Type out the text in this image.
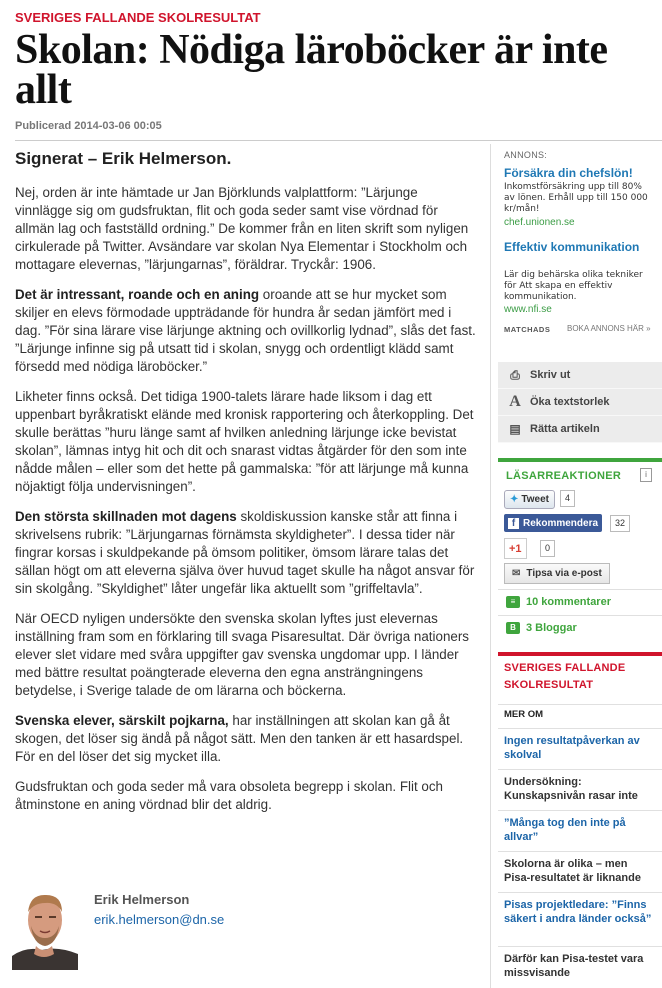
SVERIGES FALLANDE SKOLRESULTAT
Skolan: Nödiga läroböcker är inte allt
Publicerad 2014-03-06 00:05
Signerat – Erik Helmerson.

Nej, orden är inte hämtade ur Jan Björklunds valplattform: ”Lärjunge vinnlägge sig om gudsfruktan, flit och goda seder samt vise vördnad för allmän lag och fastställd ordning.” De kommer från en liten skrift som nyligen cirkulerade på Twitter. Avsändare var skolan Nya Elementar i Stockholm och mottagare elevernas, ”lärjungarnas”, föräldrar. Tryckår: 1906.

Det är intressant, roande och en aning oroande att se hur mycket som skiljer en elevs förmodade uppträdande för hundra år sedan jämfört med i dag. ”För sina lärare vise lärjunge aktning och ovillkorlig lydnad”, slås det fast. ”Lärjunge infinne sig på utsatt tid i skolan, snygg och ordentligt klädd samt försedd med nödiga läroböcker.”

Likheter finns också. Det tidiga 1900-talets lärare hade liksom i dag ett uppenbart byråkratiskt elände med kronisk rapportering och återkoppling. Det skulle berättas ”huru länge samt af hvilken anledning lärjunge icke bevistat skolan”, lämnas intyg hit och dit och snarast vidtas åtgärder för den som inte nådde målen – eller som det hette på gammalska: ”för att lärjunge må kunna nöjaktigt följa undervisningen”.

Den största skillnaden mot dagens skoldiskussion kanske står att finna i skrivelsens rubrik: ”Lärjungarnas förnämsta skyldigheter”. I dessa tider när fingrar korsas i skuldpekande på ömsom politiker, ömsom lärare talas det sällan högt om att eleverna själva över huvud taget skulle ha något ansvar för sin skolgång. ”Skyldighet” låter ungefär lika aktuellt som ”griffeltavla”.

När OECD nyligen undersökte den svenska skolan lyftes just elevernas inställning fram som en förklaring till svaga Pisaresultat. Där övriga nationers elever slet vidare med svåra uppgifter gav svenska ungdomar upp. I länder med bättre resultat poängterade eleverna den egna ansträngningens betydelse, i Sverige talade de om lärarna och böckerna.

Svenska elever, särskilt pojkarna, har inställningen att skolan kan gå åt skogen, det löser sig ändå på något sätt. Men den tanken är ett hasardspel. För en del löser det sig mycket illa.

Gudsfruktan och goda seder må vara obsoleta begrepp i skolan. Flit och åtminstone en aning vördnad blir det aldrig.

Erik Helmerson
erik.helmerson@dn.se
ANNONS:
Försäkra din chefslön!
Inkomstförsäkring upp till 80% av lönen. Erhåll upp till 150 000 kr/mån!
chef.unionen.se
Effektiv kommunikation
Lär dig behärska olika tekniker för Att skapa en effektiv kommunikation.
www.nfi.se
MATCHADS BOKA ANNONS HÄR »
⎙ Skriv ut
A Öka textstorlek
▤ Rätta artikeln
LÄSARREAKTIONER	i
✦ Tweet	4
f Rekommendera	32
+1	0
✉ Tipsa via e-post
≡ 10 kommentarer
B 3 Bloggar
SVERIGES FALLANDE SKOLRESULTAT
MER OM
Ingen resultatpåverkan av skolval
Undersökning: Kunskapsnivån rasar inte
”Många tog den inte på allvar”
Skolorna är olika – men Pisa-resultatet är liknande
Pisas projektledare: ”Finns säkert i andra länder också”
Därför kan Pisa-testet vara missvisande
